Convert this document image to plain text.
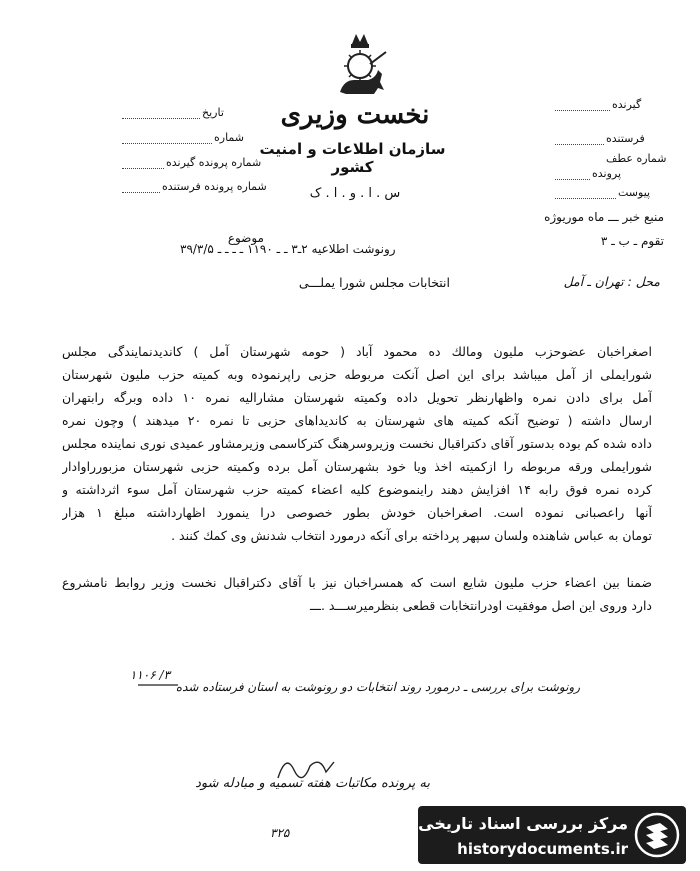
نخست وزیری
سازمان اطلاعات و امنیت کشور
س . ا . و . ا . ک
تاریخ
شماره
شماره پرونده گیرنده
شماره پرونده فرستنده
گیرنده
فرستنده
شماره عطف
پرونده
پیوست
منبع خبر ـــ ماه موریوژه
تقوم ـ ب ـ ۳
موضوع
رونوشت اطلاعیه ۲ـ۳ ـ ـ ۱۱۹۰ ـ ـ ـ ـ ۳۹/۳/۵
محل : تهران ـ آمل
انتخابات مجلس شورا یملـــی
اصغراخبان عضوحزب ملیون ومالك ده محمود آباد ( حومه شهرستان آمل ) كاندیدنمایندگی مجلس
شورایملی از آمل میباشد برای این اصل آنكت مربوطه حزبی راپرنموده وبه كمیته حزب ملیون شهرستان
آمل برای دادن نمره واظهارنظر تحویل داده وكمیته شهرستان مشارالیه نمره ۱۰ داده وبرگه رابتهران
ارسال داشته ( توضیح آنكه كمیته های شهرستان به كاندیداهای حزبی تا نمره ۲۰ میدهند ) وچون نمره
داده شده كم بوده بدستور آقای دكتراقبال نخست وزیروسرهنگ كتركاسمی وزیرمشاور عمیدی نوری نماینده مجلس
شورایملی ورقه مربوطه را ازكمیته اخذ ویا خود بشهرستان آمل برده وكمیته حزبی شهرستان مزبورراوادار
كرده نمره فوق رابه ۱۴ افزایش دهند راینموضوع كلیه اعضاء كمیته حزب شهرستان آمل سوء اثرداشته و
آنها راعصبانی نموده است. اصغراخبان خودش بطور خصوصی درا ینمورد اظهارداشته مبلغ ۱ هزار
تومان به عباس شاهنده ولسان سپهر پرداخته برای آنكه درمورد انتخاب شدنش وی كمك كنند .
ضمنا بین اعضاء حزب ملیون شایع است كه همسراخبان نیز با آقای دكتراقبال نخست وزیر روابط نامشروع
دارد وروی این اصل موفقیت اودرانتخابات قطعی بنظرمیرســـد .ـــ
رونوشت برای بررسی ـ درمورد روند انتخابات دو رونوشت به استان فرستاده شده
۳/ ۱۱۰۶
به پرونده مكاتبات هفته تسمیه و مبادله شود
۳۲۵	مرکز بررسی اسناد تاریخی
historydocuments.ir
